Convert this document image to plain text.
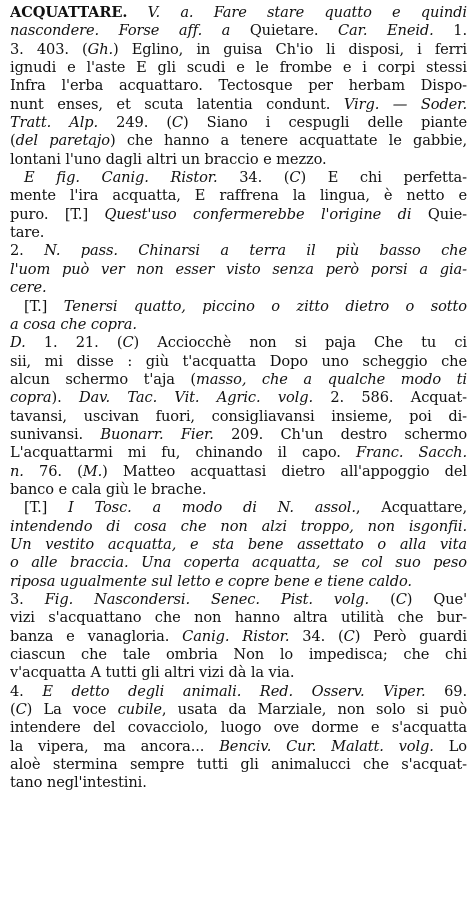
ACQUATTARE. V. a. Fare stare quatto e quindi
nascondere. Forse aff. a Quietare. Car. Eneid. 1.
3. 403. (Gh.) Eglino, in guisa Ch'io li disposi, i ferri
ignudi e l'aste E gli scudi e le frombe e i corpi stessi
Infra l'erba acquattaro. Tectosque per herbam Dispo-
nunt enses, et scuta latentia condunt. Virg. — Soder.
Tratt. Alp. 249. (C) Siano i cespugli delle piante
(del paretajo) che hanno a tenere acquattate le gabbie,
lontani l'uno dagli altri un braccio e mezzo.
E fig. Canig. Ristor. 34. (C) E chi perfetta-
mente l'ira acquatta, E raffrena la lingua, è netto e
puro. [T.] Quest'uso confermerebbe l'origine di Quie-
tare.
2. N. pass. Chinarsi a terra il più basso che
l'uom può ver non esser visto senza però porsi a gia-
cere.
[T.] Tenersi quatto, piccino o zitto dietro o sotto
a cosa che copra.
D. 1. 21. (C) Acciocchè non si paja Che tu ci
sii, mi disse : giù t'acquatta Dopo uno scheggio che
alcun schermo t'aja (masso, che a qualche modo ti
copra). Dav. Tac. Vit. Agric. volg. 2. 586. Acquat-
tavansi, uscivan fuori, consigliavansi insieme, poi di-
sunivansi. Buonarr. Fier. 209. Ch'un destro schermo
L'acquattarmi mi fu, chinando il capo. Franc. Sacch.
n. 76. (M.) Matteo acquattasi dietro all'appoggio del
banco e cala giù le brache.
[T.] I Tosc. a modo di N. assol., Acquattare,
intendendo di cosa che non alzi troppo, non isgonfii.
Un vestito acquatta, e sta bene assettato o alla vita
o alle braccia. Una coperta acquatta, se col suo peso
riposa ugualmente sul letto e copre bene e tiene caldo.
3. Fig. Nascondersi. Senec. Pist. volg. (C) Que'
vizi s'acquattano che non hanno altra utilità che bur-
banza e vanagloria. Canig. Ristor. 34. (C) Però guardi
ciascun che tale ombria Non lo impedisca; che chi
v'acquatta A tutti gli altri vizi dà la via.
4. E detto degli animali. Red. Osserv. Viper. 69.
(C) La voce cubile, usata da Marziale, non solo si può
intendere del covacciolo, luogo ove dorme e s'acquatta
la vipera, ma ancora... Benciv. Cur. Malatt. volg. Lo
aloè stermina sempre tutti gli animalucci che s'acquat-
tano negl'intestini.
